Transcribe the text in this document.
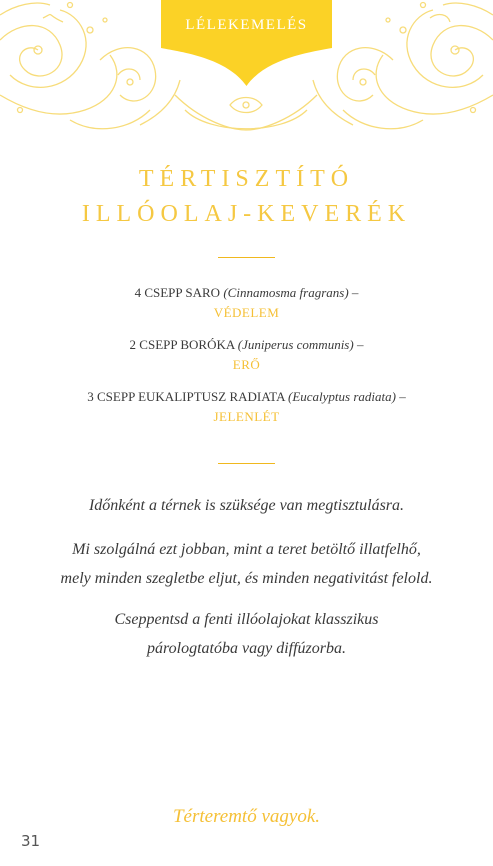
LÉLEKEMELÉS
TÉRTISZTÍTÓ
ILLÓOLAJ-KEVERÉK
4 CSEPP SARO (Cinnamosma fragrans) –
VÉDELEM
2 CSEPP BORÓKA (Juniperus communis) –
ERŐ
3 CSEPP EUKALIPTUSZ RADIATA (Eucalyptus radiata) –
JELENLÉT
Időnként a térnek is szüksége van megtisztulásra.
Mi szolgálná ezt jobban, mint a teret betöltő illatfelhő,
mely minden szegletbe eljut, és minden negativitást felold.
Cseppentsd a fenti illóolajokat klasszikus
párologtatóba vagy diffúzorba.
Térteremtő vagyok.
31
